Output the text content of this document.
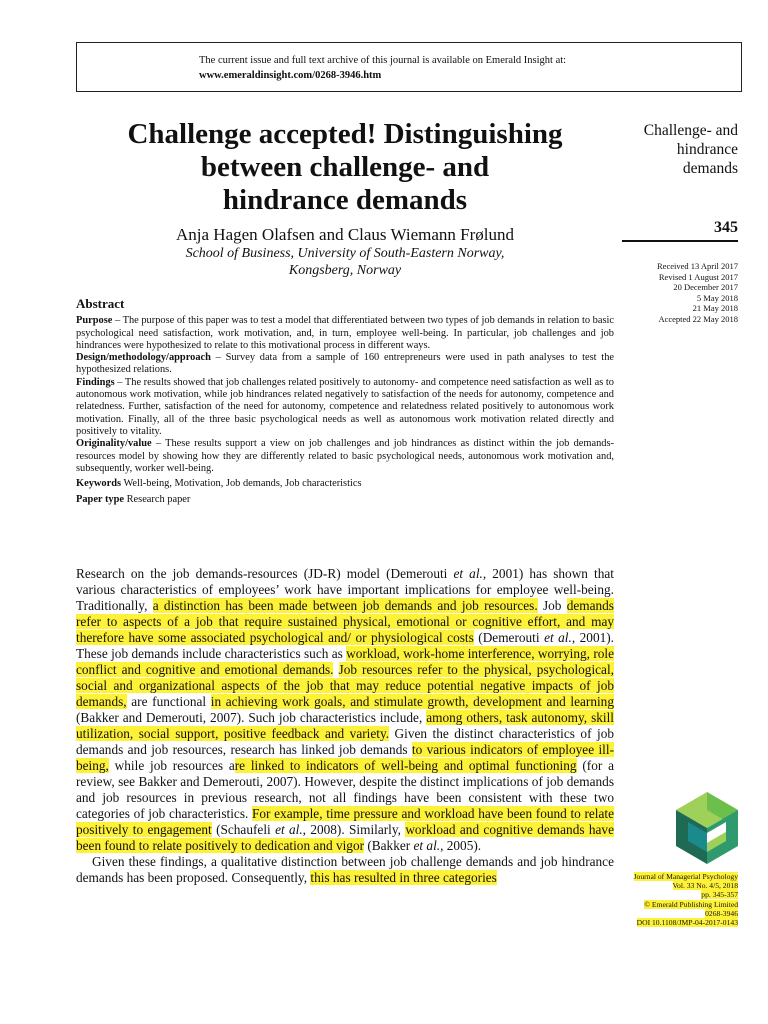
The current issue and full text archive of this journal is available on Emerald Insight at:
www.emeraldinsight.com/0268-3946.htm
Challenge accepted! Distinguishing
between challenge- and
hindrance demands
Anja Hagen Olafsen and Claus Wiemann Frølund
School of Business, University of South-Eastern Norway,
Kongsberg, Norway
Challenge- and
hindrance
demands
345
Received 13 April 2017
Revised 1 August 2017
20 December 2017
5 May 2018
21 May 2018
Accepted 22 May 2018
Abstract

Purpose – The purpose of this paper was to test a model that differentiated between two types of job demands in relation to basic psychological need satisfaction, work motivation, and, in turn, employee well-being. In particular, job challenges and job hindrances were hypothesized to relate to this motivational process in different ways.

Design/methodology/approach – Survey data from a sample of 160 entrepreneurs were used in path analyses to test the hypothesized relations.

Findings – The results showed that job challenges related positively to autonomy- and competence need satisfaction as well as to autonomous work motivation, while job hindrances related negatively to satisfaction of the needs for autonomy, competence and relatedness. Further, satisfaction of the need for autonomy, competence and relatedness related positively to autonomous work motivation. Finally, all of the three basic psychological needs as well as autonomous work motivation related directly and positively to vitality.

Originality/value – These results support a view on job challenges and job hindrances as distinct within the job demands-resources model by showing how they are differently related to basic psychological needs, autonomous work motivation and, subsequently, worker well-being.

Keywords Well-being, Motivation, Job demands, Job characteristics

Paper type Research paper

Research on the job demands-resources (JD-R) model (Demerouti et al., 2001) has shown that various characteristics of employees’ work have important implications for employee well-being. Traditionally, a distinction has been made between job demands and job resources. Job demands refer to aspects of a job that require sustained physical, emotional or cognitive effort, and may therefore have some associated psychological and/ or physiological costs (Demerouti et al., 2001). These job demands include characteristics such as workload, work-home interference, worrying, role conflict and cognitive and emotional demands. Job resources refer to the physical, psychological, social and organizational aspects of the job that may reduce potential negative impacts of job demands, are functional in achieving work goals, and stimulate growth, development and learning (Bakker and Demerouti, 2007). Such job characteristics include, among others, task autonomy, skill utilization, social support, positive feedback and variety. Given the distinct characteristics of job demands and job resources, research has linked job demands to various indicators of employee ill-being, while job resources are linked to indicators of well-being and optimal functioning (for a review, see Bakker and Demerouti, 2007). However, despite the distinct implications of job demands and job resources in previous research, not all findings have been consistent with these two categories of job characteristics. For example, time pressure and workload have been found to relate positively to engagement (Schaufeli et al., 2008). Similarly, workload and cognitive demands have been found to relate positively to dedication and vigor (Bakker et al., 2005).

Given these findings, a qualitative distinction between job challenge demands and job hindrance demands has been proposed. Consequently, this has resulted in three categories	Journal of Managerial Psychology
Vol. 33 No. 4/5, 2018
pp. 345-357
© Emerald Publishing Limited
0268-3946
DOI 10.1108/JMP-04-2017-0143
